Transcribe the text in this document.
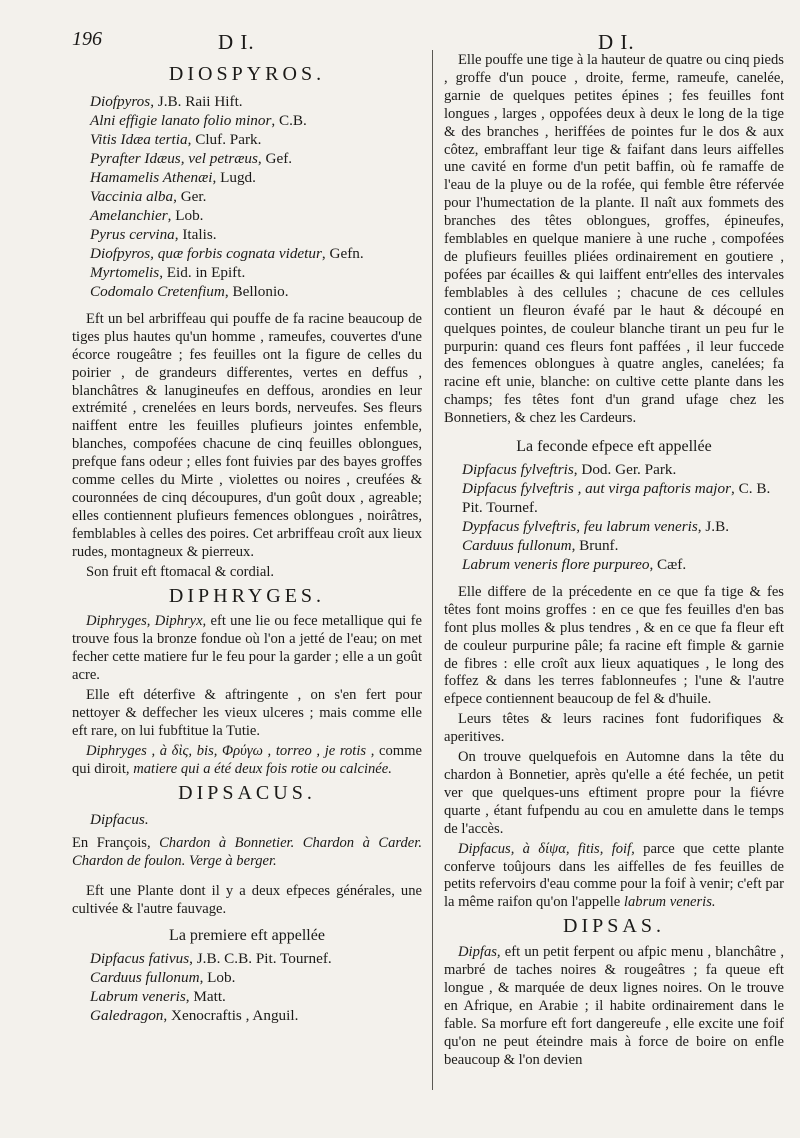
196	D I.	D I.
DIOSPYROS.
Diofpyros, J.B. Raii Hift.
Alni effigie lanato folio minor, C.B.
Vitis Idæa tertia, Cluf. Park.
Pyrafter Idæus, vel petræus, Gef.
Hamamelis Athenæi, Lugd.
Vaccinia alba, Ger.
Amelanchier, Lob.
Pyrus cervina, Italis.
Diofpyros, quæ forbis cognata videtur, Gefn.
Myrtomelis, Eid. in Epift.
Codomalo Cretenfium, Bellonio.

Eft un bel arbriffeau qui pouffe de fa racine beaucoup de tiges plus hautes qu'un homme , rameufes, couvertes d'une écorce rougeâtre ; fes feuilles ont la figure de celles du poirier , de grandeurs differentes, vertes en deffus , blanchâtres & lanugineufes en deffous, arondies en leur extrémité , crenelées en leurs bords, nerveufes. Ses fleurs naiffent entre les feuilles plufieurs jointes enfemble, blanches, compofées chacune de cinq feuilles oblongues, prefque fans odeur ; elles font fuivies par des bayes groffes comme celles du Mirte , violettes ou noires , creufées & couronnées de cinq découpures, d'un goût doux , agreable; elles contiennent plufieurs femences oblongues , noirâtres, femblables à celles des poires. Cet arbriffeau croît aux lieux rudes, montagneux & pierreux.

Son fruit eft ftomacal & cordial.

DIPHRYGES.

Diphryges, Diphryx, eft une lie ou fece metallique qui fe trouve fous la bronze fondue où l'on a jetté de l'eau; on met fecher cette matiere fur le feu pour la garder ; elle a un goût acre.

Elle eft déterfive & aftringente , on s'en fert pour nettoyer & deffecher les vieux ulceres ; mais comme elle eft rare, on lui fubftitue la Tutie.

Diphryges , à δὶς, bis, Φρύγω , torreo , je rotis , comme qui diroit, matiere qui a été deux fois rotie ou calcinée.

DIPSACUS.
Dipfacus.

En François, Chardon à Bonnetier. Chardon à Carder. Chardon de foulon. Verge à berger.

Eft une Plante dont il y a deux efpeces générales, une cultivée & l'autre fauvage.

La premiere eft appellée
Dipfacus fativus, J.B. C.B. Pit. Tournef.
Carduus fullonum, Lob.
Labrum veneris, Matt.
Galedragon, Xenocraftis , Anguil.

Elle pouffe une tige à la hauteur de quatre ou cinq pieds , groffe d'un pouce , droite, ferme, rameufe, canelée, garnie de quelques petites épines ; fes feuilles font longues , larges , oppofées deux à deux le long de la tige & des branches , heriffées de pointes fur le dos & aux côtez, embraffant leur tige & faifant dans leurs aiffelles une cavité en forme d'un petit baffin, où fe ramaffe de l'eau de la pluye ou de la rofée, qui femble être réfervée pour l'humectation de la plante. Il naît aux fommets des branches des têtes oblongues, groffes, épineufes, femblables en quelque maniere à une ruche , compofées de plufieurs feuilles pliées ordinairement en goutiere , pofées par écailles & qui laiffent entr'elles des intervales femblables à des cellules ; chacune de ces cellules contient un fleuron évafé par le haut & découpé en quelques pointes, de couleur blanche tirant un peu fur le purpurin: quand ces fleurs font paffées , il leur fuccede des femences oblongues à quatre angles, canelées; fa racine eft unie, blanche: on cultive cette plante dans les champs; fes têtes font d'un grand ufage chez les Bonnetiers, & chez les Cardeurs.

La feconde efpece eft appellée
Dipfacus fylveftris, Dod. Ger. Park.
Dipfacus fylveftris , aut virga paftoris major, C. B. Pit. Tournef.
Dypfacus fylveftris, feu labrum veneris, J.B.
Carduus fullonum, Brunf.
Labrum veneris flore purpureo, Cæf.

Elle differe de la précedente en ce que fa tige & fes têtes font moins groffes : en ce que fes feuilles d'en bas font plus molles & plus tendres , & en ce que fa fleur eft de couleur purpurine pâle; fa racine eft fimple & garnie de fibres : elle croît aux lieux aquatiques , le long des foffez & dans les terres fablonneufes ; l'une & l'autre efpece contiennent beaucoup de fel & d'huile.

Leurs têtes & leurs racines font fudorifiques & aperitives.

On trouve quelquefois en Automne dans la tête du chardon à Bonnetier, après qu'elle a été fechée, un petit ver que quelques-uns eftiment propre pour la fiévre quarte , étant fufpendu au cou en amulette dans le temps de l'accès.

Dipfacus, à δίψα, fitis, foif, parce que cette plante conferve toûjours dans les aiffelles de fes feuilles de petits refervoirs d'eau comme pour la foif à venir; c'eft par la même raifon qu'on l'appelle labrum veneris.

DIPSAS.

Dipfas, eft un petit ferpent ou afpic menu , blanchâtre , marbré de taches noires & rougeâtres ; fa queue eft longue , & marquée de deux lignes noires. On le trouve en Afrique, en Arabie ; il habite ordinairement dans le fable. Sa morfure eft fort dangereufe , elle excite une foif qu'on ne peut éteindre mais à force de boire on enfle beaucoup & l'on devien
